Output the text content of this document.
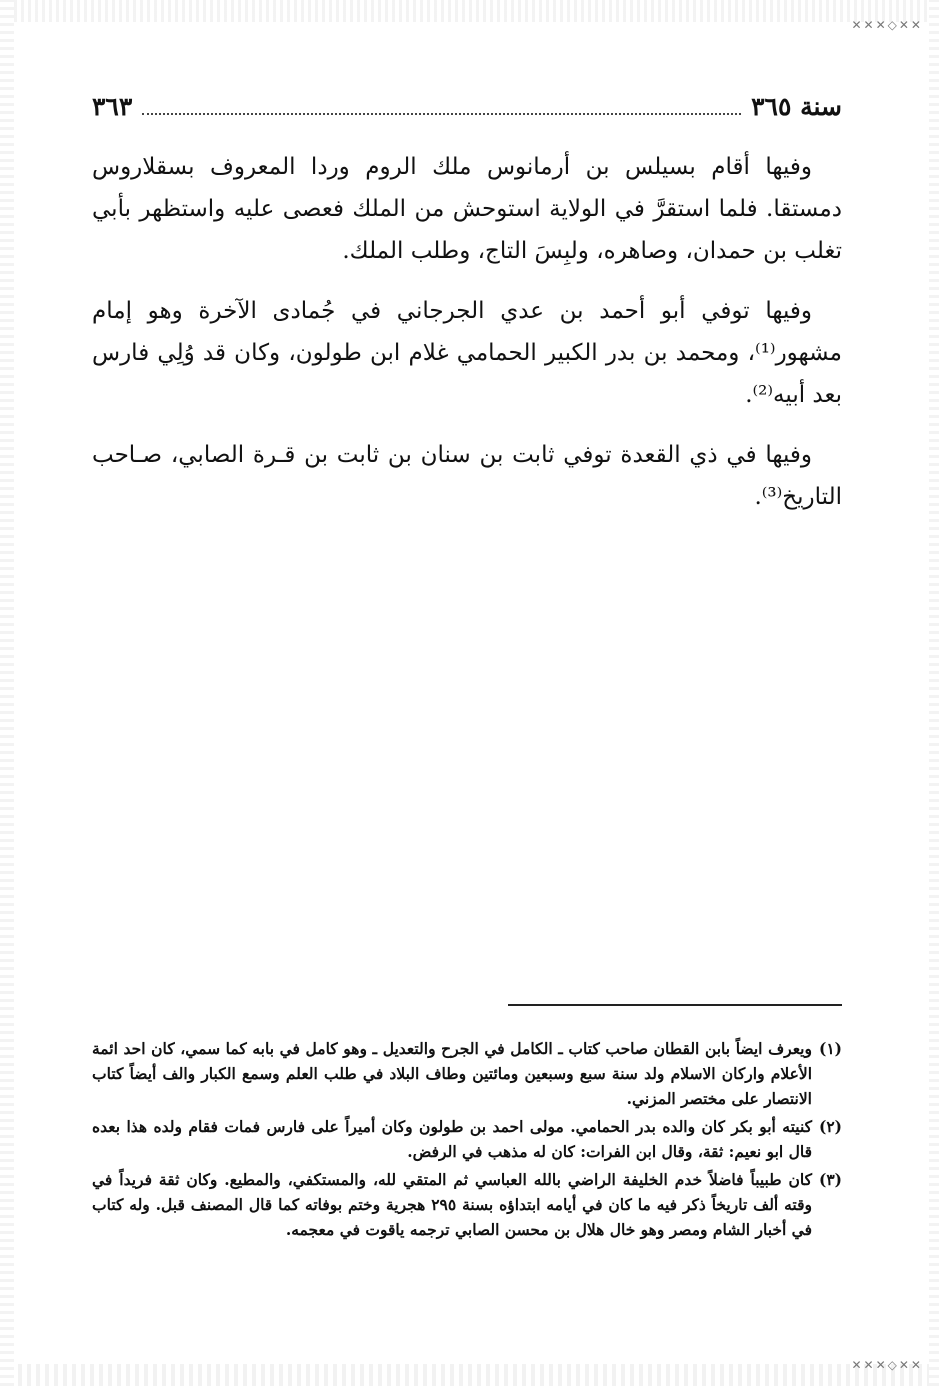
✕✕✕◇✕✕
✕✕✕◇✕✕
سنة ٣٦٥
٣٦٣

وفيها أقام بسيلس بن أرمانوس ملك الروم وردا المعروف بسقلاروس دمستقا. فلما استقرَّ في الولاية استوحش من الملك فعصى عليه واستظهر بأبي تغلب بن حمدان، وصاهره، ولبِسَ التاج، وطلب الملك.

وفيها توفي أبو أحمد بن عدي الجرجاني في جُمادى الآخرة وهو إمام مشهور⁽¹⁾، ومحمد بن بدر الكبير الحمامي غلام ابن طولون، وكان قد وُلِي فارس بعد أبيه⁽²⁾.

وفيها في ذي القعدة توفي ثابت بن سنان بن ثابت بن قـرة الصابي، صـاحب التاريخ⁽³⁾.

(١)
ويعرف ايضاً بابن القطان صاحب كتاب ـ الكامل في الجرح والتعديل ـ وهو كامل في بابه كما سمي، كان احد ائمة الأعلام واركان الاسلام ولد سنة سبع وسبعين ومائتين وطاف البلاد في طلب العلم وسمع الكبار والف أيضاً كتاب الانتصار على مختصر المزني.
(٢)
كنيته أبو بكر كان والده بدر الحمامي. مولى احمد بن طولون وكان أميراً على فارس فمات فقام ولده هذا بعده قال ابو نعيم: ثقة، وقال ابن الفرات: كان له مذهب في الرفض.
(٣)
كان طبيباً فاضلاً خدم الخليفة الراضي بالله العباسي ثم المتقي لله، والمستكفي، والمطيع. وكان ثقة فريداً في وقته ألف تاريخاً ذكر فيه ما كان في أيامه ابتداؤه بسنة ٢٩٥ هجرية وختم بوفاته كما قال المصنف قبل. وله كتاب في أخبار الشام ومصر وهو خال هلال بن محسن الصابي ترجمه ياقوت في معجمه.
